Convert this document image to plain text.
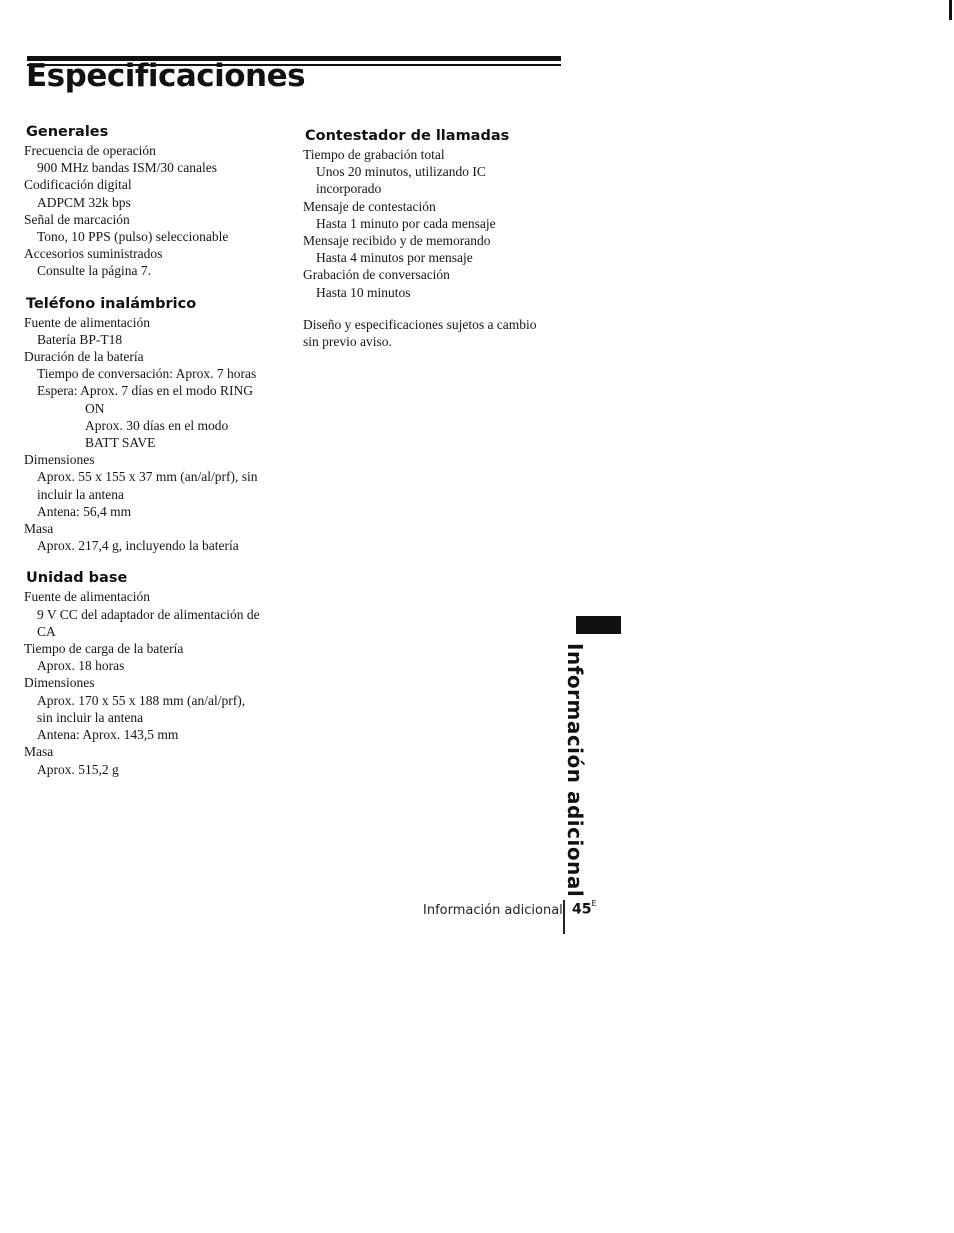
Especificaciones
Generales
Frecuencia de operación
900 MHz bandas ISM/30 canales
Codificación digital
ADPCM 32k bps
Señal de marcación
Tono, 10 PPS (pulso) seleccionable
Accesorios suministrados
Consulte la página 7.
Teléfono inalámbrico
Fuente de alimentación
Batería BP-T18
Duración de la batería
Tiempo de conversación: Aprox. 7 horas
Espera: Aprox. 7 días en el modo RING
ON
Aprox. 30 días en el modo
BATT SAVE
Dimensiones
Aprox. 55 x 155 x 37 mm (an/al/prf), sin
incluir la antena
Antena: 56,4 mm
Masa
Aprox. 217,4 g, incluyendo la batería
Unidad base
Fuente de alimentación
9 V CC del adaptador de alimentación de
CA
Tiempo de carga de la batería
Aprox. 18 horas
Dimensiones
Aprox. 170 x 55 x 188 mm (an/al/prf),
sin incluir la antena
Antena: Aprox. 143,5 mm
Masa
Aprox. 515,2 g
Contestador de llamadas
Tiempo de grabación total
Unos 20 minutos, utilizando IC
incorporado
Mensaje de contestación
Hasta 1 minuto por cada mensaje
Mensaje recibido y de memorando
Hasta 4 minutos por mensaje
Grabación de conversación
Hasta 10 minutos
Diseño y especificaciones sujetos a cambio
sin previo aviso.
Información adicional
Información adicional $45^E$
